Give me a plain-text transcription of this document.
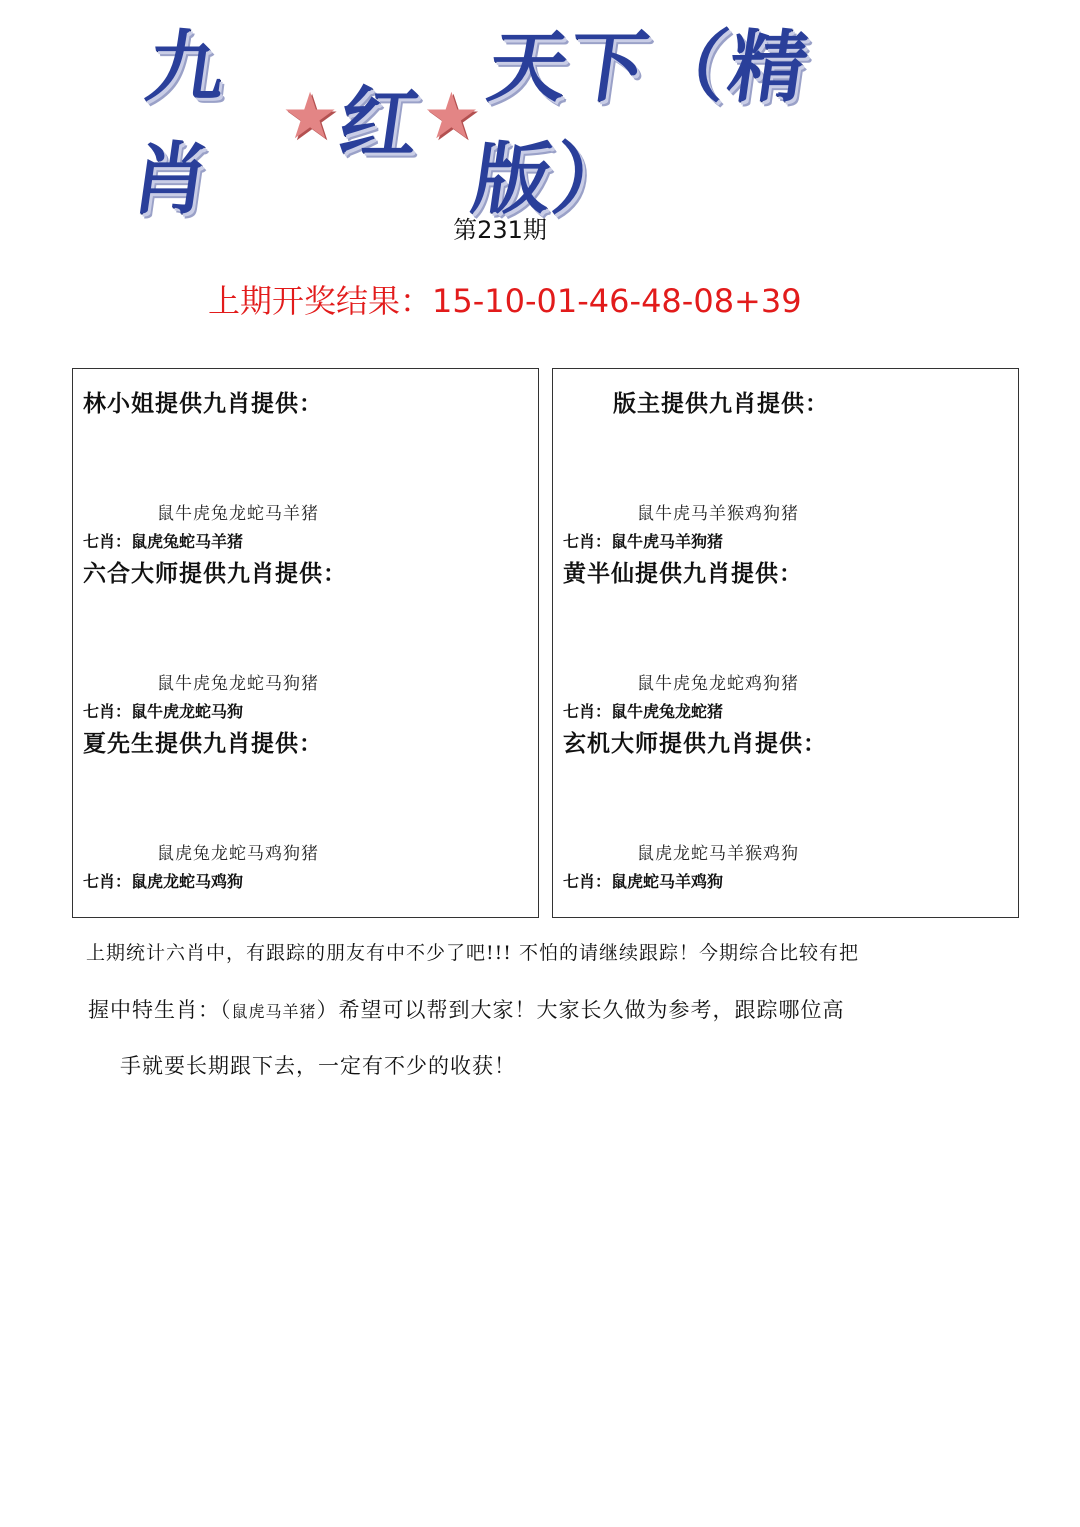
九肖
★
红
★
天下（精版）
第231期
上期开奖结果：15-10-01-46-48-08+39
林小姐提供九肖提供：
鼠牛虎兔龙蛇马羊猪
七肖：鼠虎兔蛇马羊猪
六合大师提供九肖提供：
鼠牛虎兔龙蛇马狗猪
七肖：鼠牛虎龙蛇马狗
夏先生提供九肖提供：
鼠虎兔龙蛇马鸡狗猪
七肖：鼠虎龙蛇马鸡狗
版主提供九肖提供：
鼠牛虎马羊猴鸡狗猪
七肖：鼠牛虎马羊狗猪
黄半仙提供九肖提供：
鼠牛虎兔龙蛇鸡狗猪
七肖：鼠牛虎兔龙蛇猪
玄机大师提供九肖提供：
鼠虎龙蛇马羊猴鸡狗
七肖：鼠虎蛇马羊鸡狗
上期统计六肖中，有跟踪的朋友有中不少了吧!!! 不怕的请继续跟踪！今期综合比较有把
握中特生肖：（鼠虎马羊猪）希望可以帮到大家！大家长久做为参考，跟踪哪位高
手就要长期跟下去，一定有不少的收获！
